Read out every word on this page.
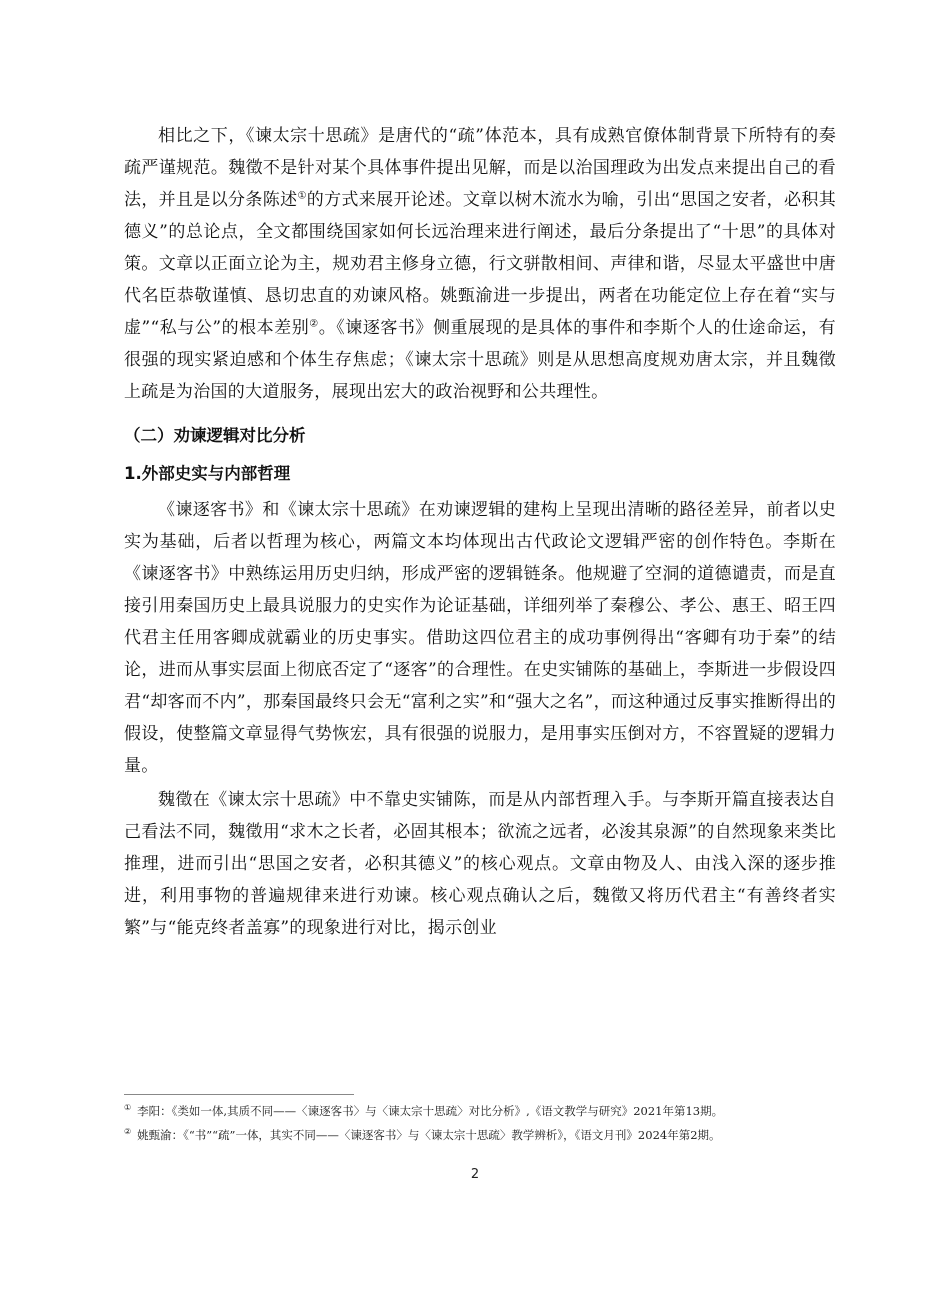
相比之下，《谏太宗十思疏》是唐代的“疏”体范本，具有成熟官僚体制背景下所特有的奏疏严谨规范。魏徵不是针对某个具体事件提出见解，而是以治国理政为出发点来提出自己的看法，并且是以分条陈述①的方式来展开论述。文章以树木流水为喻，引出“思国之安者，必积其德义”的总论点，全文都围绕国家如何长远治理来进行阐述，最后分条提出了“十思”的具体对策。文章以正面立论为主，规劝君主修身立德，行文骈散相间、声律和谐，尽显太平盛世中唐代名臣恭敬谨慎、恳切忠直的劝谏风格。姚甄渝进一步提出，两者在功能定位上存在着“实与虚”“私与公”的根本差别②。《谏逐客书》侧重展现的是具体的事件和李斯个人的仕途命运，有很强的现实紧迫感和个体生存焦虑；《谏太宗十思疏》则是从思想高度规劝唐太宗，并且魏徵上疏是为治国的大道服务，展现出宏大的政治视野和公共理性。

（二）劝谏逻辑对比分析

1.外部史实与内部哲理

《谏逐客书》和《谏太宗十思疏》在劝谏逻辑的建构上呈现出清晰的路径差异，前者以史实为基础，后者以哲理为核心，两篇文本均体现出古代政论文逻辑严密的创作特色。李斯在《谏逐客书》中熟练运用历史归纳，形成严密的逻辑链条。他规避了空洞的道德谴责，而是直接引用秦国历史上最具说服力的史实作为论证基础，详细列举了秦穆公、孝公、惠王、昭王四代君主任用客卿成就霸业的历史事实。借助这四位君主的成功事例得出“客卿有功于秦”的结论，进而从事实层面上彻底否定了“逐客”的合理性。在史实铺陈的基础上，李斯进一步假设四君“却客而不内”，那秦国最终只会无“富利之实”和“强大之名”，而这种通过反事实推断得出的假设，使整篇文章显得气势恢宏，具有很强的说服力，是用事实压倒对方，不容置疑的逻辑力量。

魏徵在《谏太宗十思疏》中不靠史实铺陈，而是从内部哲理入手。与李斯开篇直接表达自己看法不同，魏徵用“求木之长者，必固其根本；欲流之远者，必浚其泉源”的自然现象来类比推理，进而引出“思国之安者，必积其德义”的核心观点。文章由物及人、由浅入深的逐步推进，利用事物的普遍规律来进行劝谏。核心观点确认之后，魏徵又将历代君主“有善终者实繁”与“能克终者盖寡”的现象进行对比，揭示创业

① 李阳：《类如一体,其质不同——〈谏逐客书〉与〈谏太宗十思疏〉对比分析》,《语文教学与研究》2021年第13期。

② 姚甄渝：《“书”“疏”一体，其实不同——〈谏逐客书〉与〈谏太宗十思疏〉教学辨析》，《语文月刊》2024年第2期。

2
